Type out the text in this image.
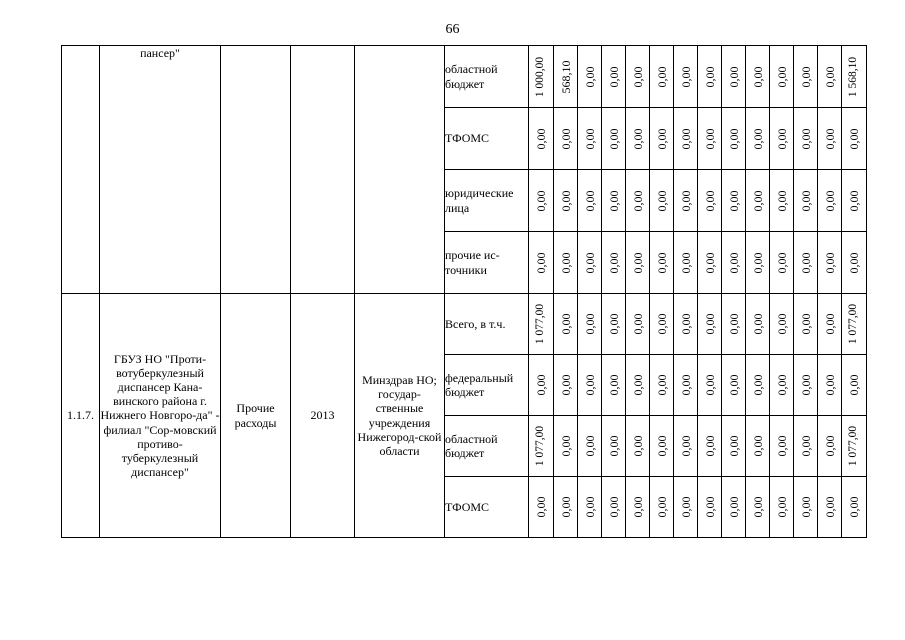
66
	пансер"				областной бюджет	1 000,00	568,10	0,00	0,00	0,00	0,00	0,00	0,00	0,00	0,00	0,00	0,00	0,00	1 568,10

					ТФОМС	0,00	0,00	0,00	0,00	0,00	0,00	0,00	0,00	0,00	0,00	0,00	0,00	0,00	0,00

					юридические лица	0,00	0,00	0,00	0,00	0,00	0,00	0,00	0,00	0,00	0,00	0,00	0,00	0,00	0,00

					прочие ис-точники	0,00	0,00	0,00	0,00	0,00	0,00	0,00	0,00	0,00	0,00	0,00	0,00	0,00	0,00

1.1.7.	ГБУЗ НО "Проти-вотуберкулезный диспансер Кана-винского района г. Нижнего Новгоро-да" - филиал "Сор-мовский противо-туберкулезный диспансер"	Прочие расходы	2013	Минздрав НО; государ-ственные учреждения Нижегород-ской области	Всего, в т.ч.	1 077,00	0,00	0,00	0,00	0,00	0,00	0,00	0,00	0,00	0,00	0,00	0,00	0,00	1 077,00

					федеральный бюджет	0,00	0,00	0,00	0,00	0,00	0,00	0,00	0,00	0,00	0,00	0,00	0,00	0,00	0,00

					областной бюджет	1 077,00	0,00	0,00	0,00	0,00	0,00	0,00	0,00	0,00	0,00	0,00	0,00	0,00	1 077,00

					ТФОМС	0,00	0,00	0,00	0,00	0,00	0,00	0,00	0,00	0,00	0,00	0,00	0,00	0,00	0,00
